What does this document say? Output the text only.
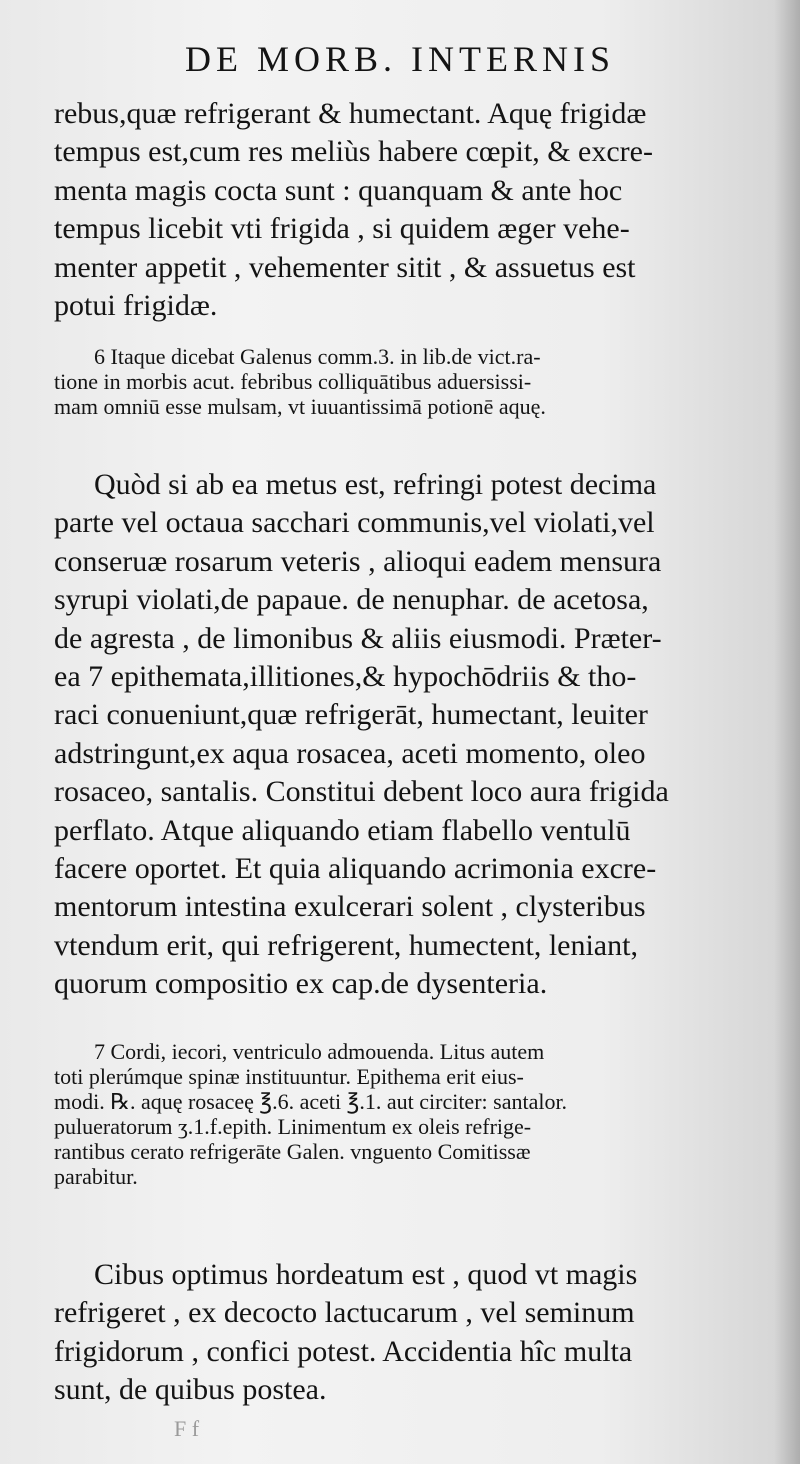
DE MORB. INTERNIS
rebus,quæ refrigerant & humectant. Aquę frigidæ
tempus est,cum res meliùs habere cœpit, & excre-
menta magis cocta sunt : quanquam & ante hoc
tempus licebit vti frigida , si quidem æger vehe-
menter appetit , vehementer sitit , & assuetus est
potui frigidæ.
6 Itaque dicebat Galenus comm.3. in lib.de vict.ra-
tione in morbis acut. febribus colliquātibus aduersissi-
mam omniū esse mulsam, vt iuuantissimā potionē aquę.
Quòd si ab ea metus est, refringi potest decima
parte vel octaua sacchari communis,vel violati,vel
conseruæ rosarum veteris , alioqui eadem mensura
syrupi violati,de papaue. de nenuphar. de acetosa,
de agresta , de limonibus & aliis eiusmodi. Præter-
ea 7 epithemata,illitiones,& hypochōdriis & tho-
raci conueniunt,quæ refrigerāt, humectant, leuiter
adstringunt,ex aqua rosacea, aceti momento, oleo
rosaceo, santalis. Constitui debent loco aura frigida
perflato. Atque aliquando etiam flabello ventulū
facere oportet. Et quia aliquando acrimonia excre-
mentorum intestina exulcerari solent , clysteribus
vtendum erit, qui refrigerent, humectent, leniant,
quorum compositio ex cap.de dysenteria.
7 Cordi, iecori, ventriculo admouenda. Litus autem
toti plerúmque spinæ instituuntur. Epithema erit eius-
modi. ℞. aquę rosaceę ℥.6. aceti ℥.1. aut circiter: santalor.
pulueratorum ʒ.1.f.epith. Linimentum ex oleis refrige-
rantibus cerato refrigerāte Galen. vnguento Comitissæ
parabitur.
Cibus optimus hordeatum est , quod vt magis
refrigeret , ex decocto lactucarum , vel seminum
frigidorum , confici potest. Accidentia hîc multa
sunt, de quibus postea.

F f
